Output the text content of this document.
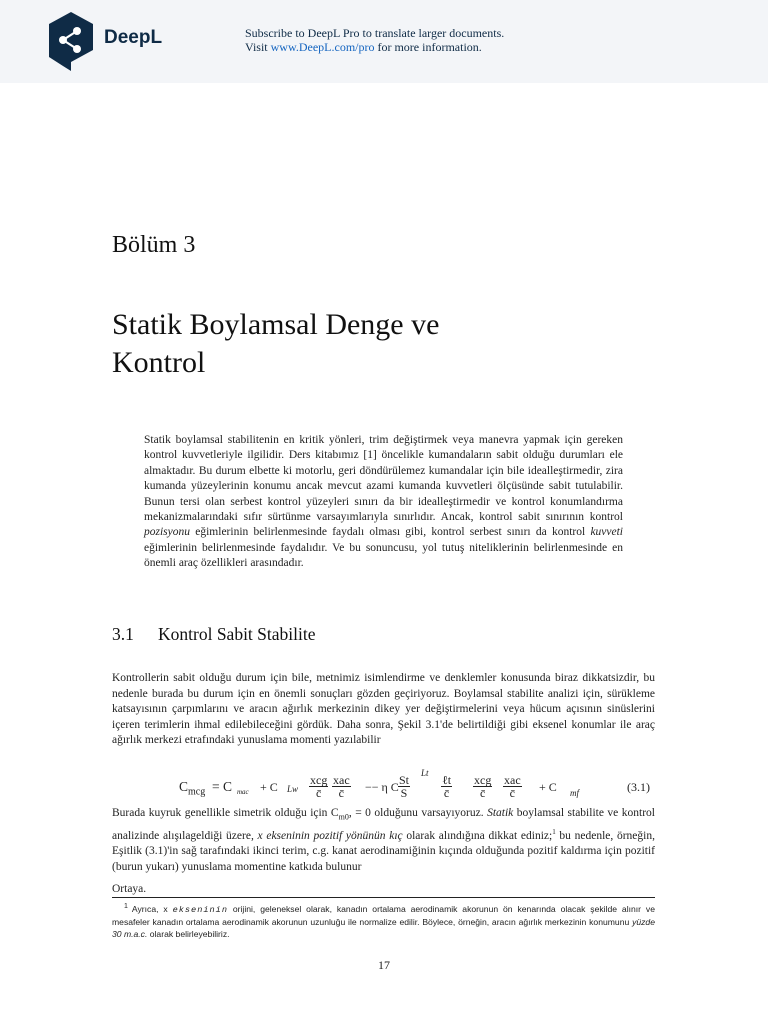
DeepL	Subscribe to DeepL Pro to translate larger documents.
Visit www.DeepL.com/pro for more information.
Bölüm 3
Statik Boylamsal Denge ve
Kontrol
Statik boylamsal stabilitenin en kritik yönleri, trim değiştirmek veya manevra yapmak için gereken kontrol kuvvetleriyle ilgilidir. Ders kitabımız [1] öncelikle kumandaların sabit olduğu durumları ele almaktadır. Bu durum elbette ki motorlu, geri döndürülemez kumandalar için bile idealleştirmedir, zira kumanda yüzeylerinin konumu ancak mevcut azami kumanda kuvvetleri ölçüsünde sabit tutulabilir. Bunun tersi olan serbest kontrol yüzeyleri sınırı da bir idealleştirmedir ve kontrol konumlandırma mekanizmalarındaki sıfır sürtünme varsayımlarıyla sınırlıdır. Ancak, kontrol sabit sınırının kontrol pozisyonu eğimlerinin belirlenmesinde faydalı olması gibi, kontrol serbest sınırı da kontrol kuvveti eğimlerinin belirlenmesinde faydalıdır. Ve bu sonuncusu, yol tutuş niteliklerinin belirlenmesinde en önemli araç özellikleri arasındadır.
3.1 Kontrol Sabit Stabilite
Kontrollerin sabit olduğu durum için bile, metnimiz isimlendirme ve denklemler konusunda biraz dikkatsizdir, bu nedenle burada bu durum için en önemli sonuçları gözden geçiriyoruz. Boylamsal stabilite analizi için, sürükleme katsayısının çarpımlarını ve aracın ağırlık merkezinin dikey yer değiştirmelerini veya hücum açısının sinüslerini içeren terimlerin ihmal edilebileceğini gördük. Daha sonra, Şekil 3.1'de belirtildiği gibi eksenel konumlar ile araç ağırlık merkezi etrafındaki yunuslama momenti yazılabilir
$C_{mcg} = C$ mac + C Lw
xcg
c̄
xac
c̄	−− η C $\frac{St}{S}$
Lt ℓt
c̄
xcg
c̄
xac
c̄	+ C mf	(3.1)
Burada kuyruk genellikle simetrik olduğu için $C_{m0}$, = 0 olduğunu varsayıyoruz. Statik boylamsal stabilite ve kontrol analizinde alışılageldiği üzere, x ekseninin pozitif yönünün kıç olarak alındığına dikkat ediniz;$^1$ bu nedenle, örneğin, Eşitlik (3.1)'in sağ tarafındaki ikinci terim, c.g. kanat aerodinamiğinin kıçında olduğunda pozitif kaldırma için pozitif (burun yukarı) yunuslama momentine katkıda bulunur
Ortaya.
$^1$ Ayrıca, x ekseninin orijini, geleneksel olarak, kanadın ortalama aerodinamik akorunun ön kenarında olacak şekilde alınır ve mesafeler kanadın ortalama aerodinamik akorunun uzunluğu ile normalize edilir. Böylece, örneğin, aracın ağırlık merkezinin konumunu yüzde 30 m.a.c. olarak belirleyebiliriz.
17
